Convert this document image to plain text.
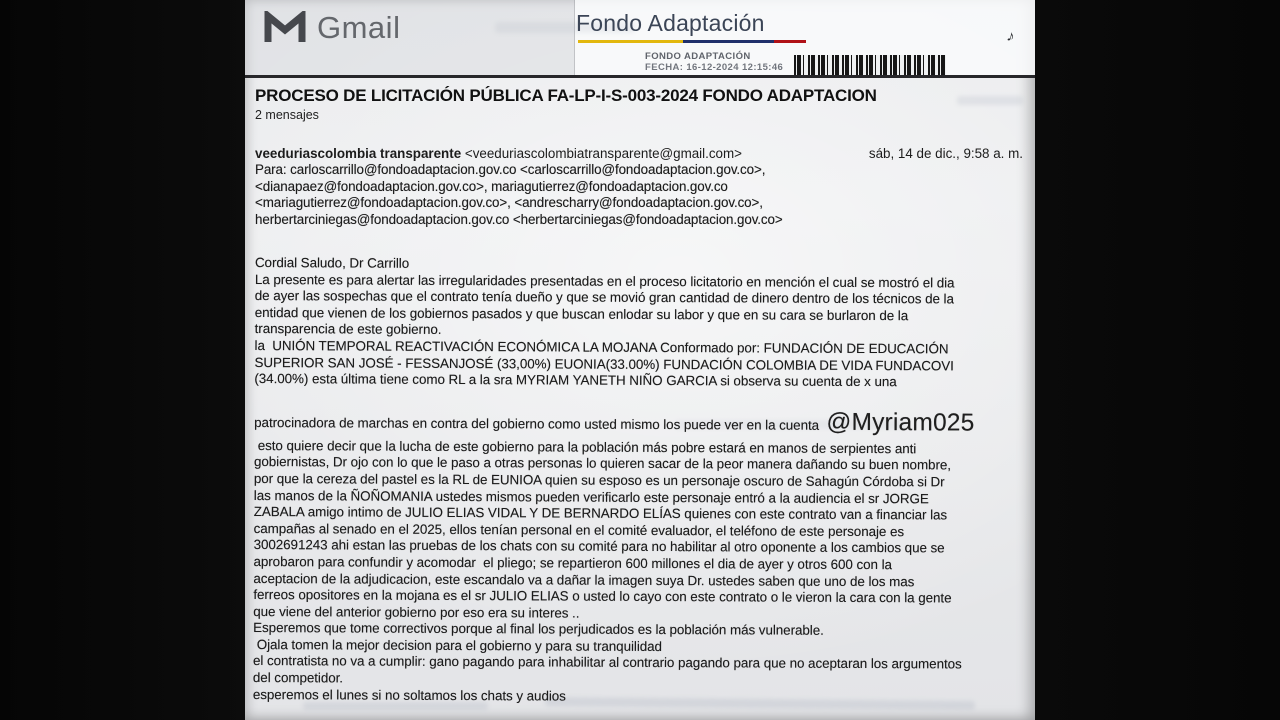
Gmail	Fondo Adaptación
FONDO ADAPTACIÓN
FECHA: 16-12-2024 12:15:46
♪
PROCESO DE LICITACIÓN PÚBLICA FA-LP-I-S-003-2024 FONDO ADAPTACION
2 mensajes
veeduriascolombia transparente <veeduriascolombiatransparente@gmail.com>	sáb, 14 de dic., 9:58 a. m.
Para: carloscarrillo@fondoadaptacion.gov.co <carloscarrillo@fondoadaptacion.gov.co>,
<dianapaez@fondoadaptacion.gov.co>, mariagutierrez@fondoadaptacion.gov.co
<mariagutierrez@fondoadaptacion.gov.co>, <andrescharry@fondoadaptacion.gov.co>,
herbertarciniegas@fondoadaptacion.gov.co <herbertarciniegas@fondoadaptacion.gov.co>
Cordial Saludo, Dr Carrillo
La presente es para alertar las irregularidades presentadas en el proceso licitatorio en mención el cual se mostró el dia
de ayer las sospechas que el contrato tenía dueño y que se movió gran cantidad de dinero dentro de los técnicos de la
entidad que vienen de los gobiernos pasados y que buscan enlodar su labor y que en su cara se burlaron de la
transparencia de este gobierno.
la  UNIÓN TEMPORAL REACTIVACIÓN ECONÓMICA LA MOJANA Conformado por: FUNDACIÓN DE EDUCACIÓN
SUPERIOR SAN JOSÉ - FESSANJOSÉ (33,00%) EUONIA(33.00%) FUNDACIÓN COLOMBIA DE VIDA FUNDACOVI
(34.00%) esta última tiene como RL a la sra MYRIAM YANETH NIÑO GARCIA si observa su cuenta de x una
patrocinadora de marchas en contra del gobierno como usted mismo los puede ver en la cuenta @Myriam025
esto quiere decir que la lucha de este gobierno para la población más pobre estará en manos de serpientes anti
gobiernistas, Dr ojo con lo que le paso a otras personas lo quieren sacar de la peor manera dañando su buen nombre,
por que la cereza del pastel es la RL de EUNIOA quien su esposo es un personaje oscuro de Sahagún Córdoba si Dr
las manos de la ÑOÑOMANIA ustedes mismos pueden verificarlo este personaje entró a la audiencia el sr JORGE
ZABALA amigo intimo de JULIO ELIAS VIDAL Y DE BERNARDO ELÍAS quienes con este contrato van a financiar las
campañas al senado en el 2025, ellos tenían personal en el comité evaluador, el teléfono de este personaje es
3002691243 ahi estan las pruebas de los chats con su comité para no habilitar al otro oponente a los cambios que se
aprobaron para confundir y acomodar  el pliego; se repartieron 600 millones el dia de ayer y otros 600 con la
aceptacion de la adjudicacion, este escandalo va a dañar la imagen suya Dr. ustedes saben que uno de los mas
ferreos opositores en la mojana es el sr JULIO ELIAS o usted lo cayo con este contrato o le vieron la cara con la gente
que viene del anterior gobierno por eso era su interes ..
Esperemos que tome correctivos porque al final los perjudicados es la población más vulnerable.
Ojala tomen la mejor decision para el gobierno y para su tranquilidad
el contratista no va a cumplir: gano pagando para inhabilitar al contrario pagando para que no aceptaran los argumentos
del competidor.
esperemos el lunes si no soltamos los chats y audios
